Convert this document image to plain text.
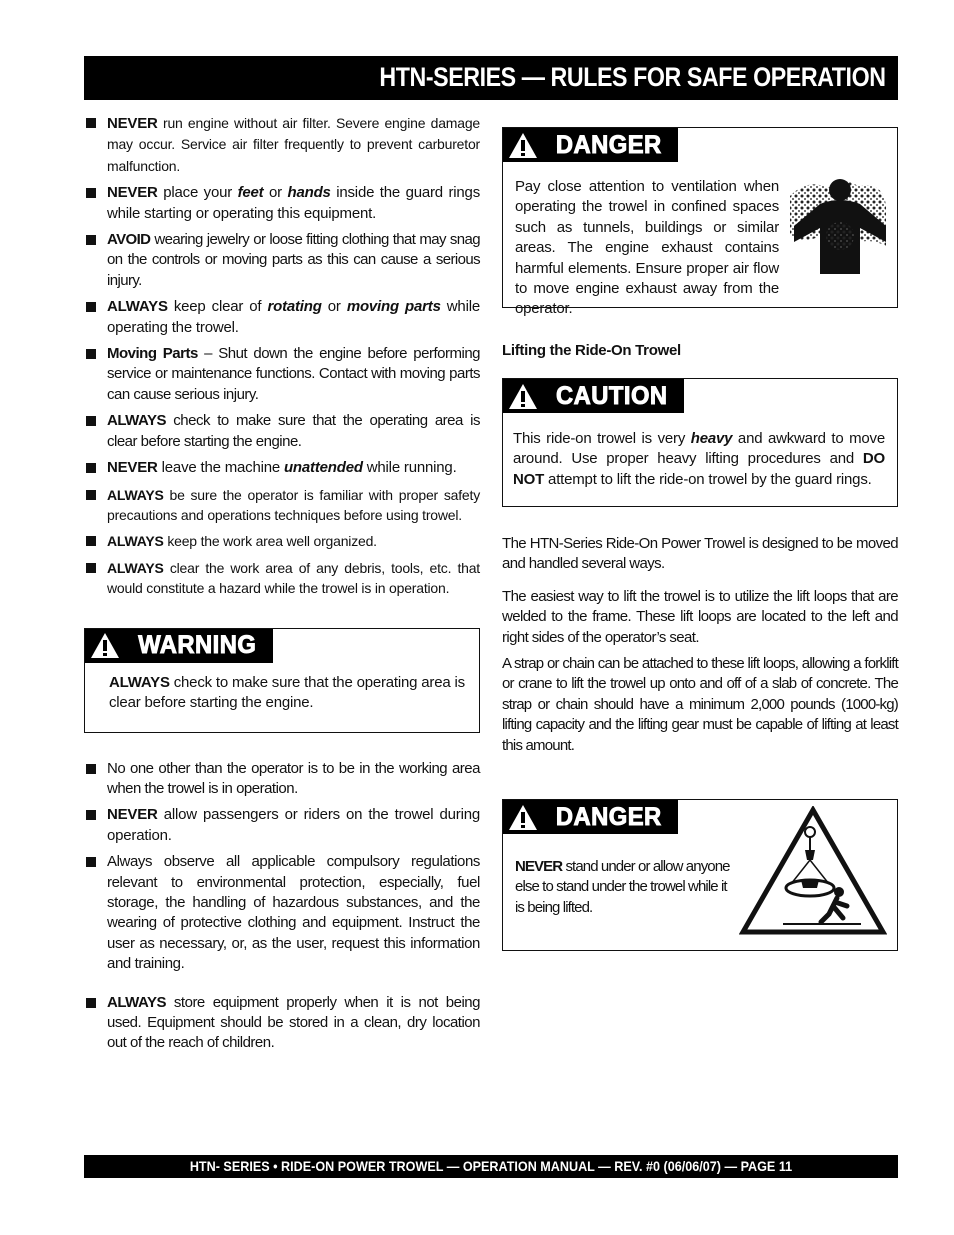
HTN-SERIES — RULES FOR SAFE OPERATION
NEVER run engine without air filter. Severe engine damage may occur. Service air filter frequently to prevent carburetor malfunction.
NEVER place your feet or hands inside the guard rings while starting or operating this equipment.
AVOID wearing jewelry or loose fitting clothing that may snag on the controls or moving parts as this can cause a serious injury.
ALWAYS keep clear of rotating or moving parts while operating the trowel.
Moving Parts – Shut down the engine before performing service or maintenance functions. Contact with moving parts can cause serious injury.
ALWAYS check to make sure that the operating area is clear before starting the engine.
NEVER leave the machine unattended while running.
ALWAYS be sure the operator is familiar with proper safety precautions and operations techniques before using trowel.
ALWAYS keep the work area well organized.
ALWAYS clear the work area of any debris, tools, etc. that would constitute a hazard while the trowel is in operation.
WARNING
ALWAYS check to make sure that the operating area is clear before starting the engine.
No one other than the operator is to be in the working area when the trowel is in operation.
NEVER allow passengers or riders on the trowel during operation.
Always observe all applicable compulsory regulations relevant to environmental protection, especially, fuel storage, the handling of hazardous substances, and the wearing of protective clothing and equipment. Instruct the user as necessary, or, as the user, request this information and training.
ALWAYS store equipment properly when it is not being used. Equipment should be stored in a clean, dry location out of the reach of children.
DANGER
Pay close attention to ventilation when operating the trowel in confined spaces such as tunnels, buildings or similar areas. The engine exhaust contains harmful elements. Ensure proper air flow to move engine exhaust away from the operator.
Lifting the Ride-On Trowel
CAUTION
This ride-on trowel is very heavy and awkward to move around. Use proper heavy lifting procedures and DO NOT attempt to lift the ride-on trowel by the guard rings.
The HTN-Series Ride-On Power Trowel is designed to be moved and handled several ways.
The easiest way to lift the trowel is to utilize the lift loops that are welded to the frame. These lift loops are located to the left and right sides of the operator’s seat.
A strap or chain can be attached to these lift loops, allowing a forklift or crane to lift the trowel up onto and off of a slab of concrete. The strap or chain should have a minimum 2,000 pounds (1000-kg) lifting capacity and the lifting gear must be capable of lifting at least this amount.
DANGER
NEVER stand under or allow anyone else to stand under the trowel while it is being lifted.
HTN- SERIES • RIDE-ON POWER TROWEL — OPERATION MANUAL — REV. #0 (06/06/07) — PAGE 11
